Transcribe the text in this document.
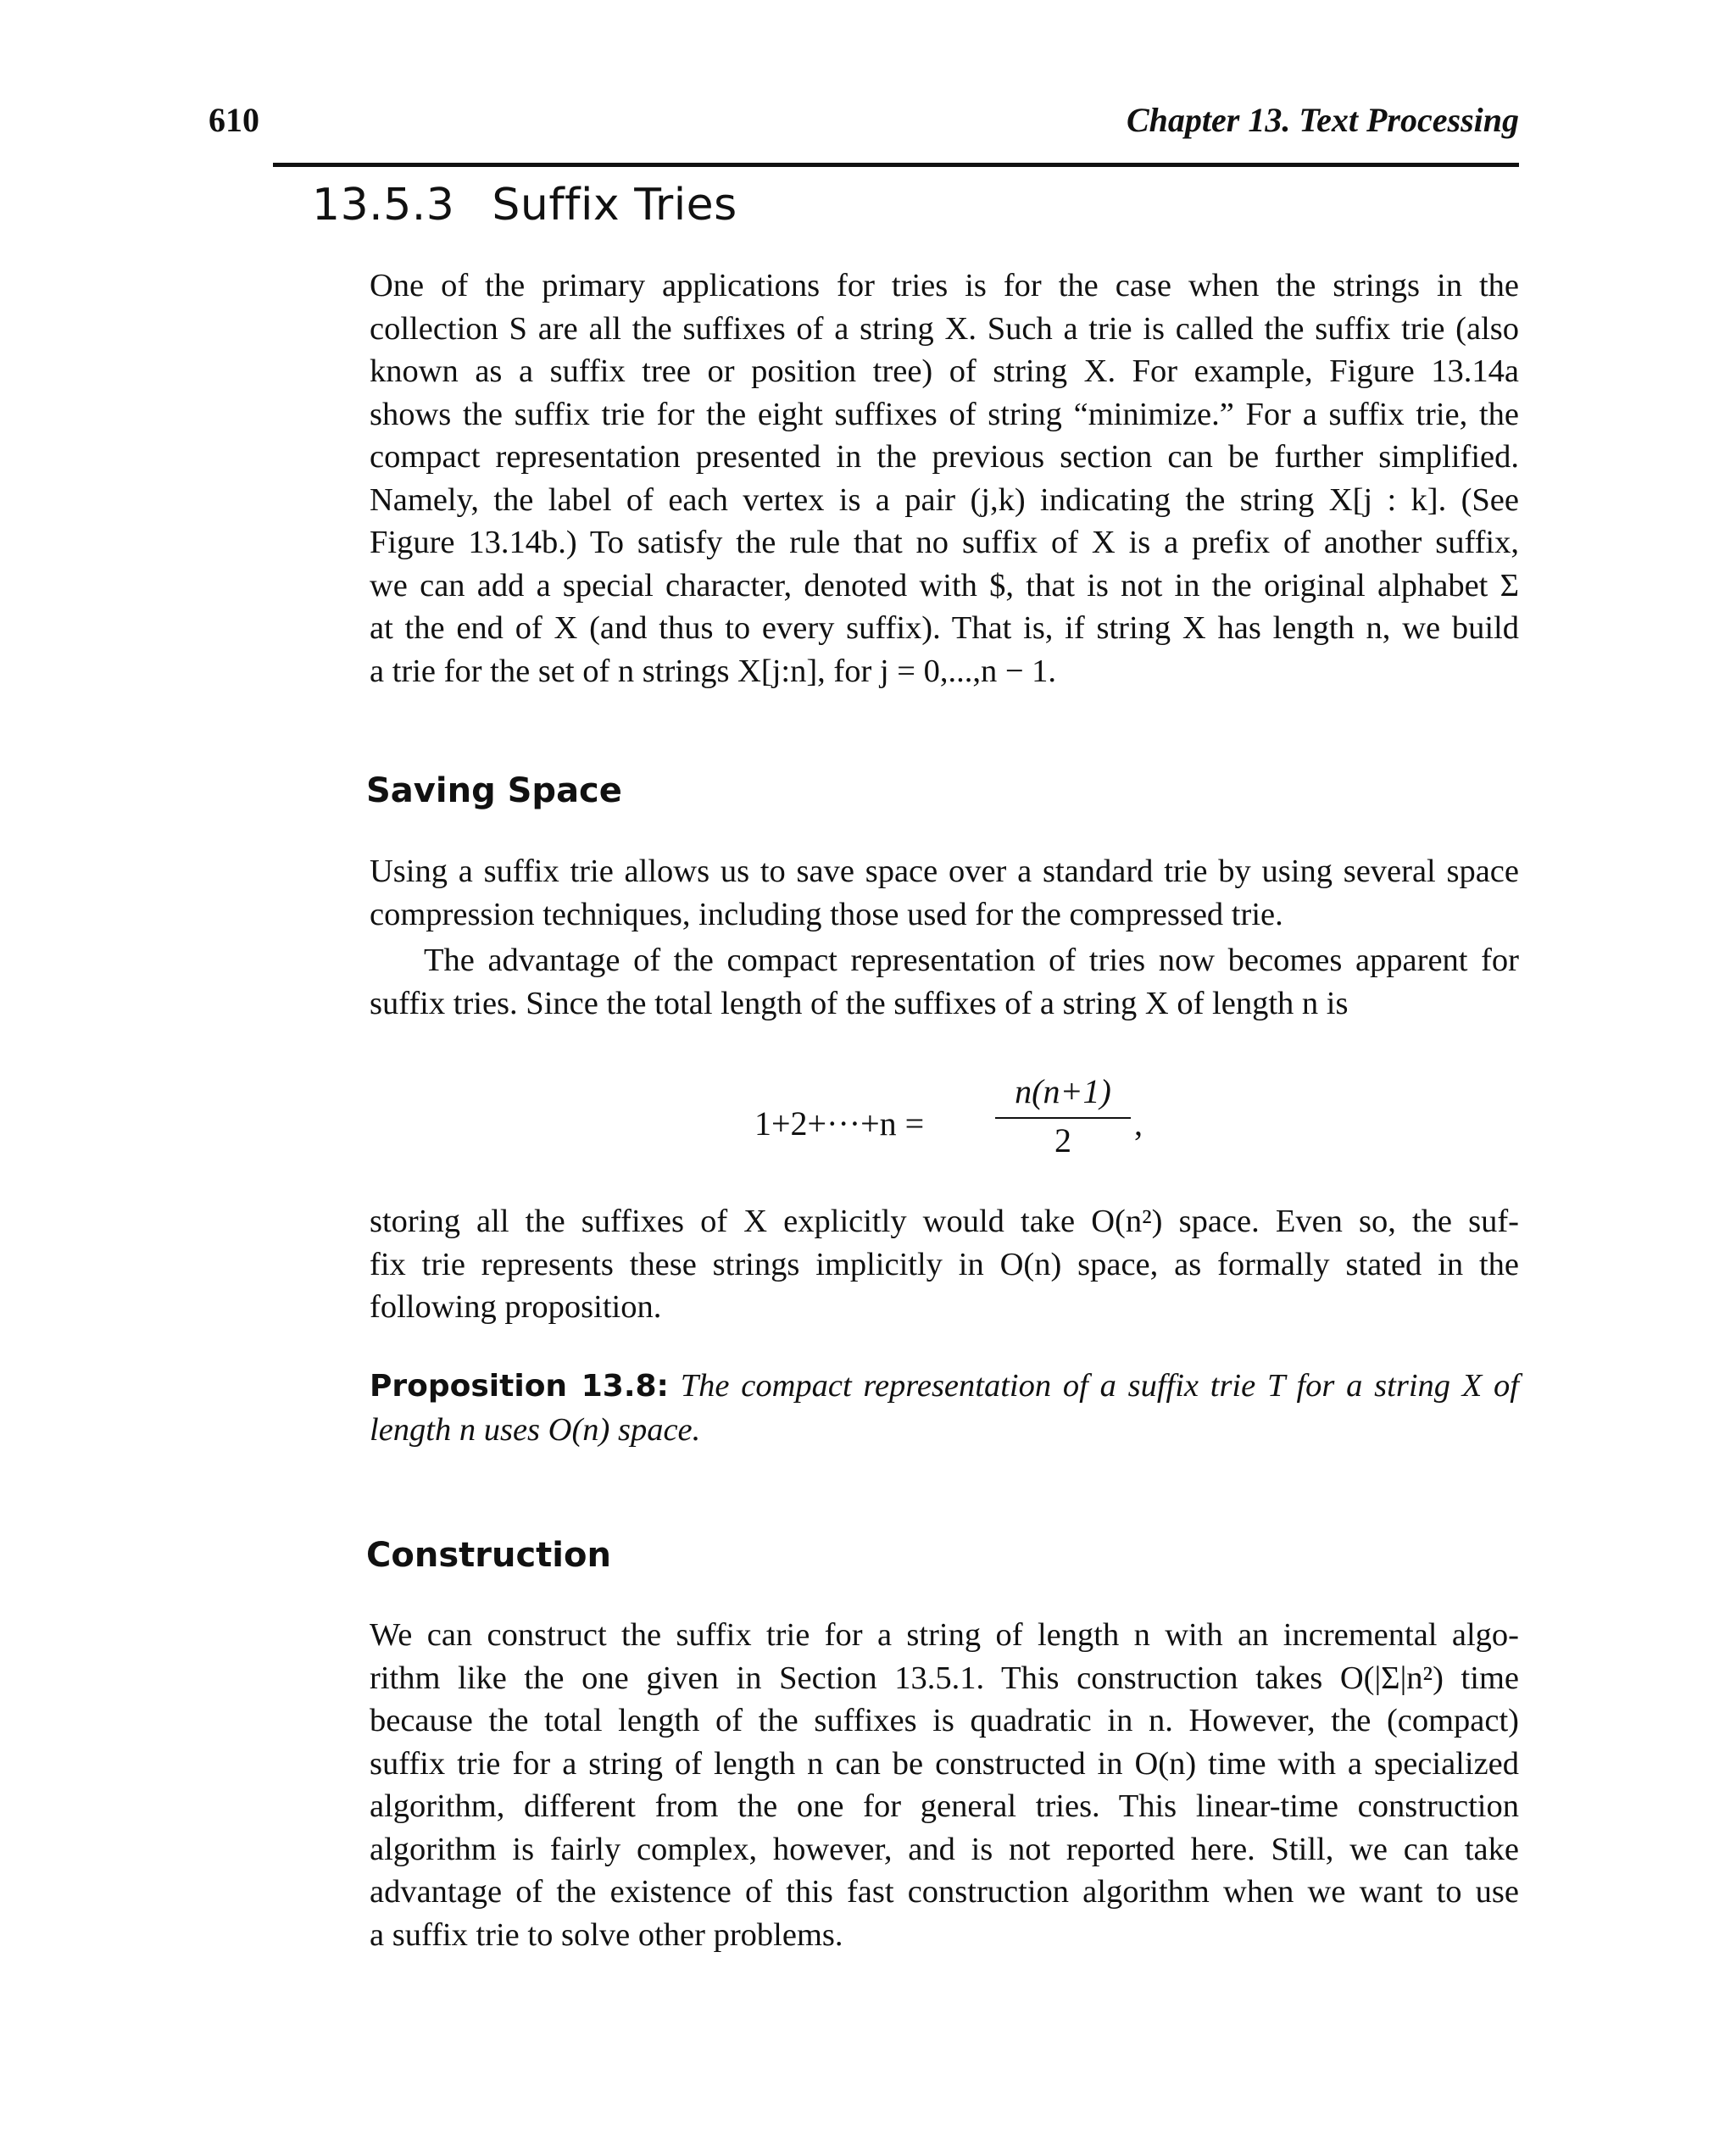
610	Chapter 13. Text Processing
13.5.3 Suffix Tries
One of the primary applications for tries is for the case when the strings in the
collection S are all the suffixes of a string X. Such a trie is called the suffix trie (also
known as a suffix tree or position tree) of string X. For example, Figure 13.14a
shows the suffix trie for the eight suffixes of string “minimize.” For a suffix trie, the
compact representation presented in the previous section can be further simplified.
Namely, the label of each vertex is a pair (j,k) indicating the string X[j : k]. (See
Figure 13.14b.) To satisfy the rule that no suffix of X is a prefix of another suffix,
we can add a special character, denoted with $, that is not in the original alphabet Σ
at the end of X (and thus to every suffix). That is, if string X has length n, we build
a trie for the set of n strings X[j:n], for j = 0,...,n − 1.
Saving Space
Using a suffix trie allows us to save space over a standard trie by using several space
compression techniques, including those used for the compressed trie.
The advantage of the compact representation of tries now becomes apparent for
suffix tries. Since the total length of the suffixes of a string X of length n is
1+2+···+n =
n(n+1)
2	,
storing all the suffixes of X explicitly would take O(n²) space. Even so, the suf-
fix trie represents these strings implicitly in O(n) space, as formally stated in the
following proposition.
Proposition 13.8: The compact representation of a suffix trie T for a string X of
length n uses O(n) space.
Construction
We can construct the suffix trie for a string of length n with an incremental algo-
rithm like the one given in Section 13.5.1. This construction takes O(|Σ|n²) time
because the total length of the suffixes is quadratic in n. However, the (compact)
suffix trie for a string of length n can be constructed in O(n) time with a specialized
algorithm, different from the one for general tries. This linear-time construction
algorithm is fairly complex, however, and is not reported here. Still, we can take
advantage of the existence of this fast construction algorithm when we want to use
a suffix trie to solve other problems.
